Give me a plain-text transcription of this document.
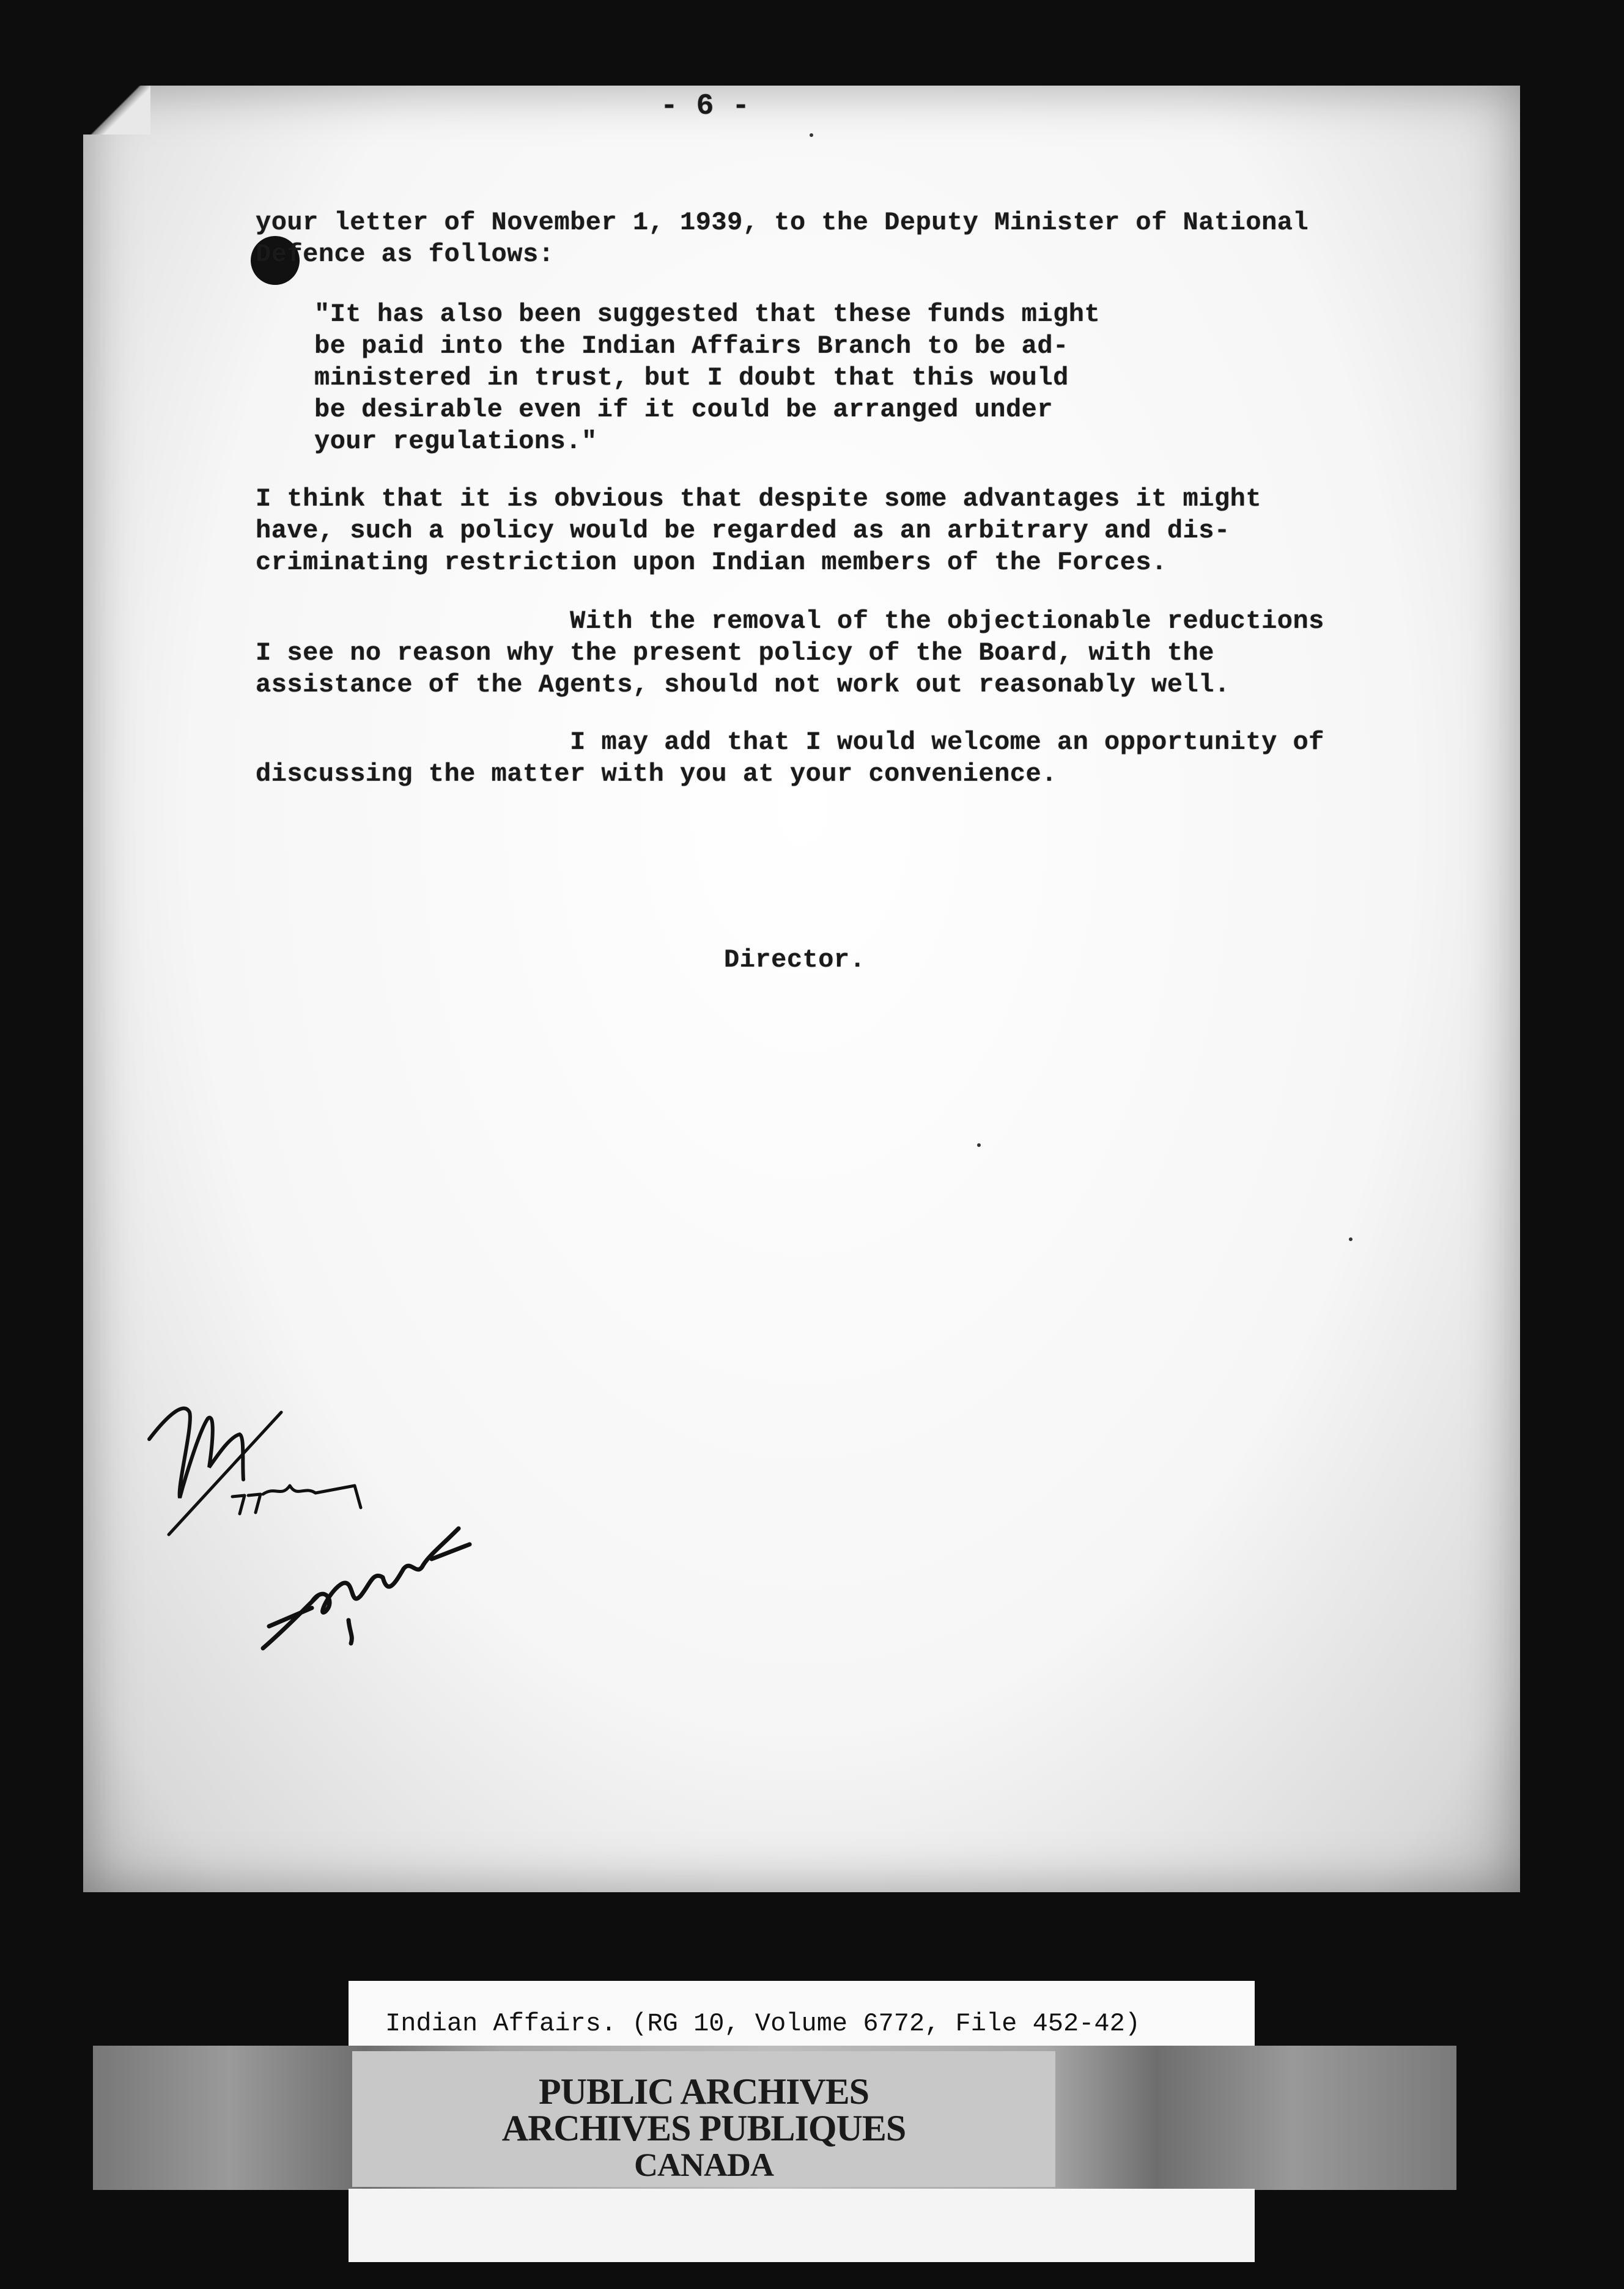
- 6 -
your letter of November 1, 1939, to the Deputy Minister of National
Defence as follows:
"It has also been suggested that these funds might
be paid into the Indian Affairs Branch to be ad-
ministered in trust, but I doubt that this would
be desirable even if it could be arranged under
your regulations."
I think that it is obvious that despite some advantages it might
have, such a policy would be regarded as an arbitrary and dis-
criminating restriction upon Indian members of the Forces.
With the removal of the objectionable reductions
I see no reason why the present policy of the Board, with the
assistance of the Agents, should not work out reasonably well.
I may add that I would welcome an opportunity of
discussing the matter with you at your convenience.
Director.
Indian Affairs. (RG 10, Volume 6772, File 452-42)
PUBLIC ARCHIVES
ARCHIVES PUBLIQUES
CANADA
